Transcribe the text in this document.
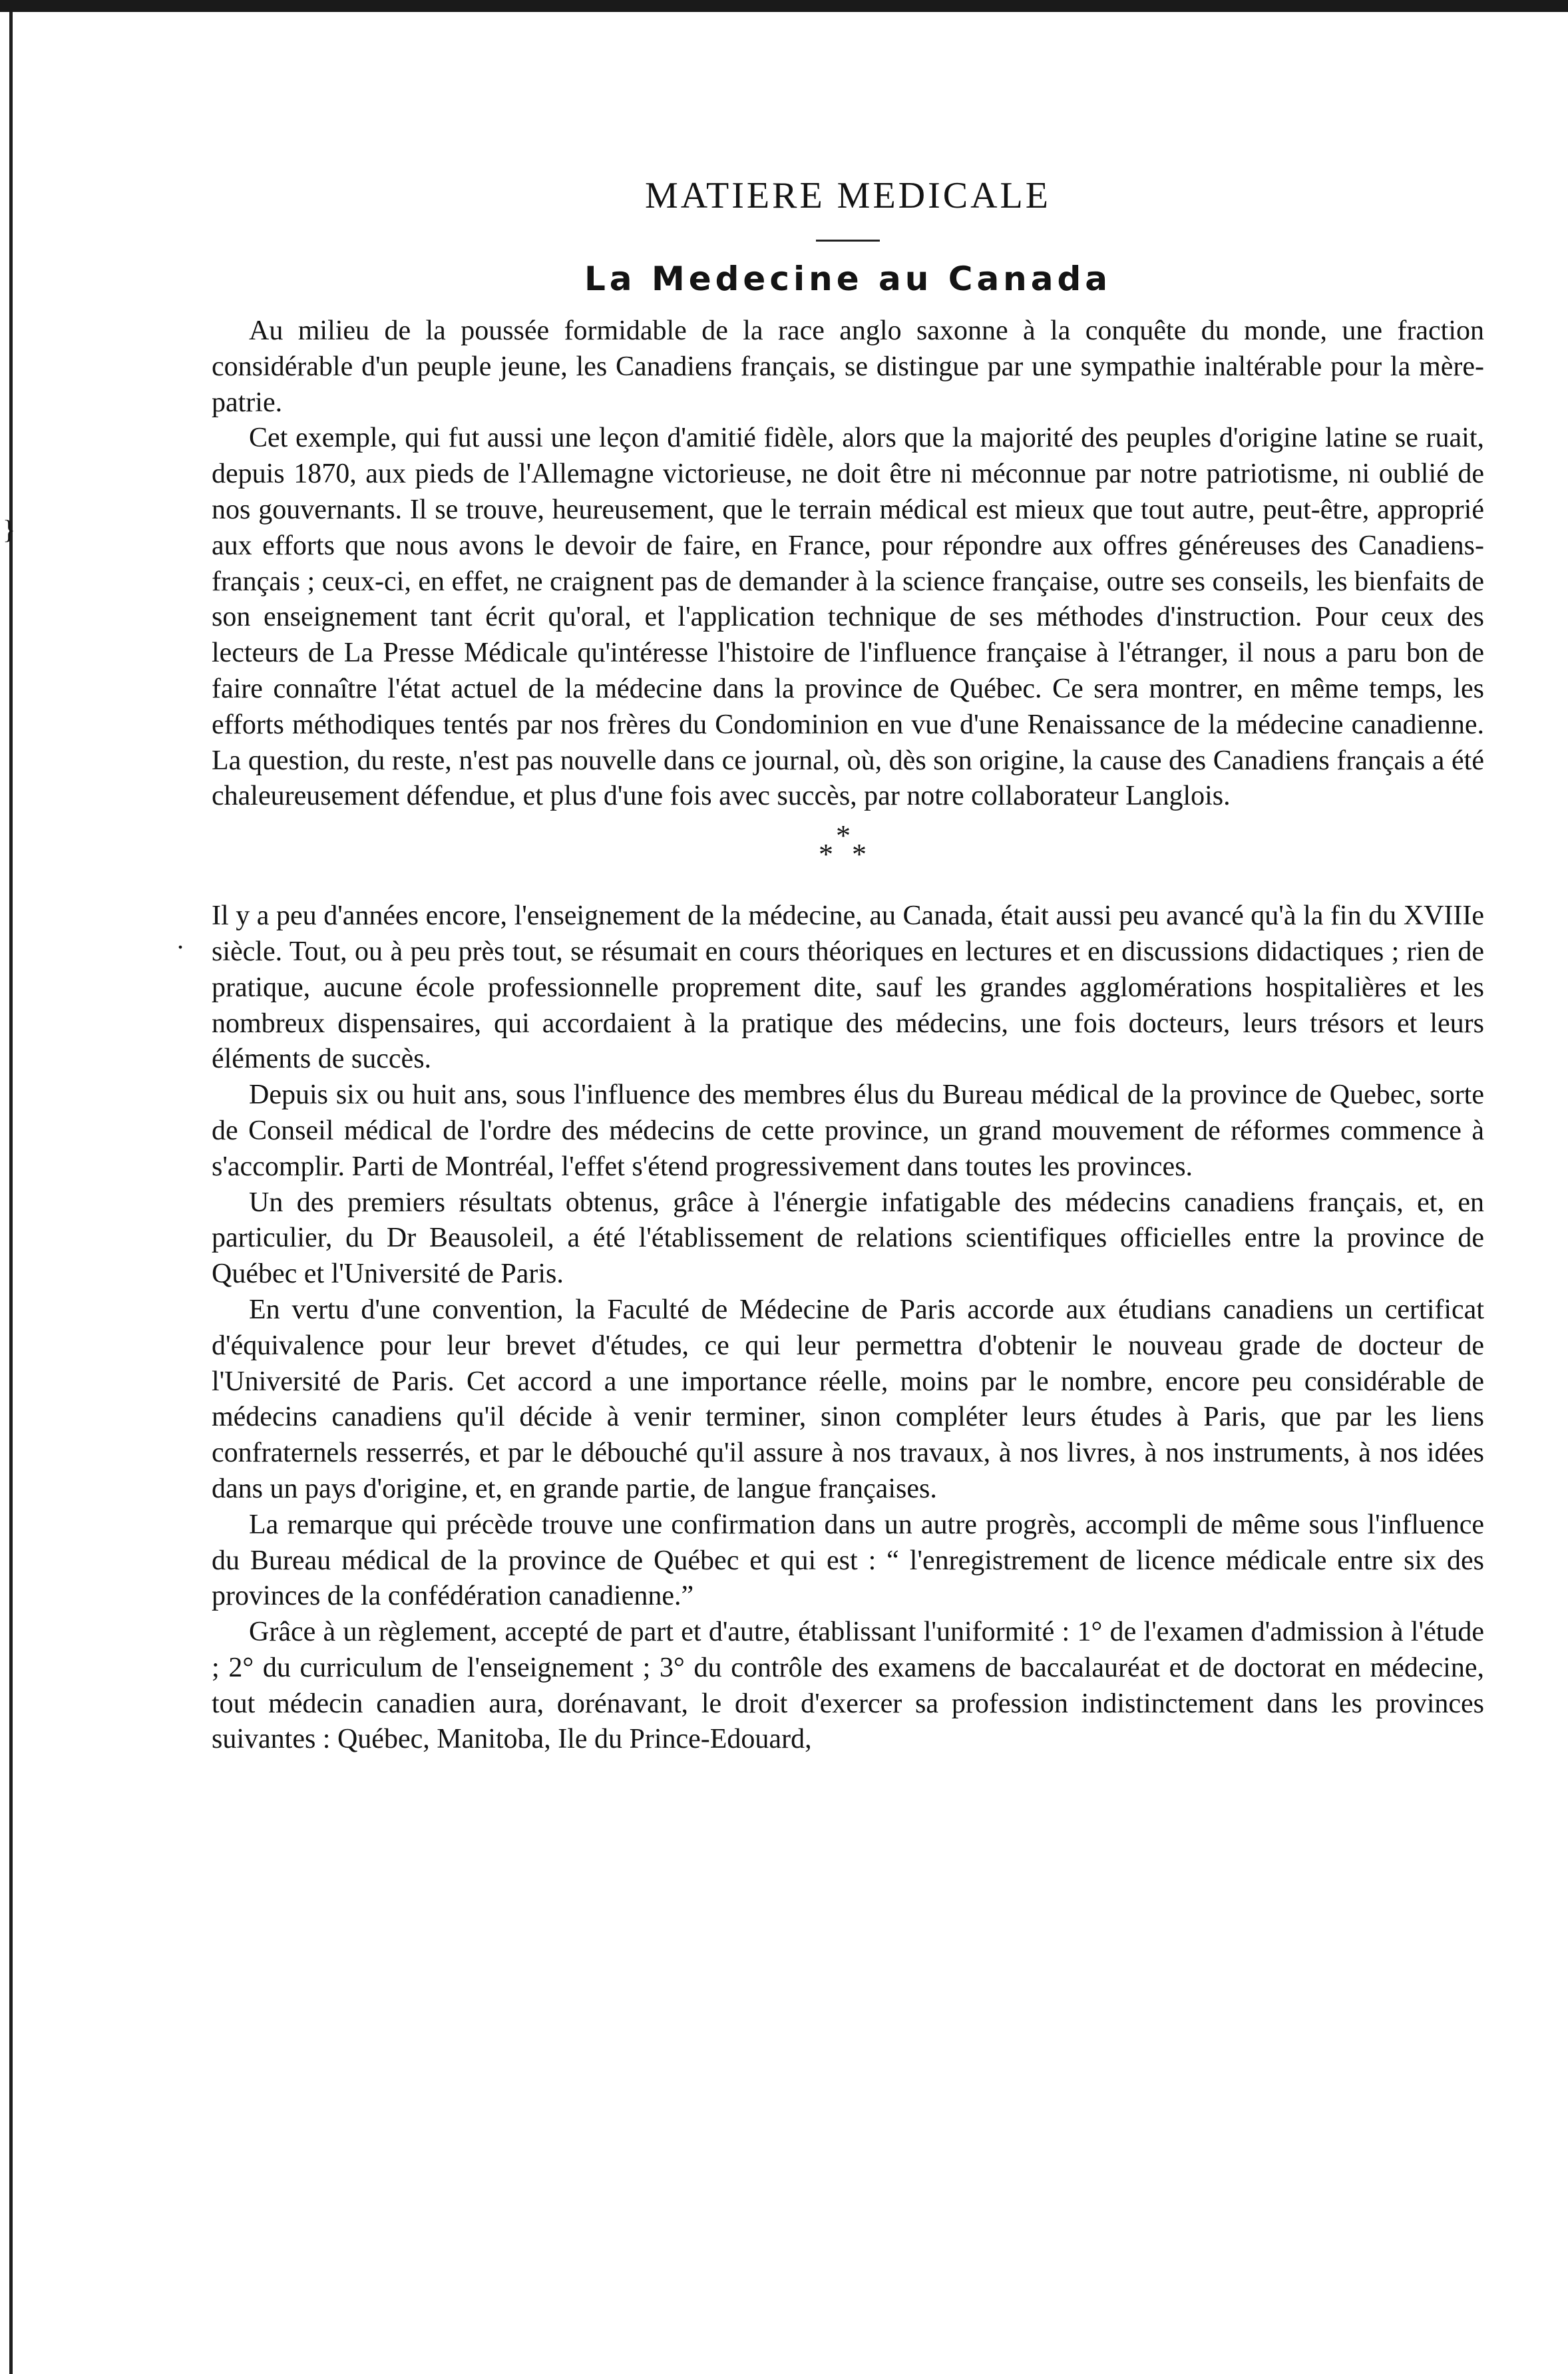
}
.
MATIERE MEDICALE
La Medecine au Canada

Au milieu de la poussée formidable de la race anglo saxonne à la conquête du monde, une fraction considérable d'un peuple jeune, les Canadiens français, se distingue par une sympathie inaltérable pour la mère-patrie.

Cet exemple, qui fut aussi une leçon d'amitié fidèle, alors que la majorité des peuples d'origine latine se ruait, depuis 1870, aux pieds de l'Allemagne victorieuse, ne doit être ni méconnue par notre patriotisme, ni oublié de nos gouvernants. Il se trouve, heureusement, que le terrain médical est mieux que tout autre, peut-être, approprié aux efforts que nous avons le devoir de faire, en France, pour répondre aux offres généreuses des Canadiens-français ; ceux-ci, en effet, ne craignent pas de demander à la science française, outre ses conseils, les bienfaits de son enseignement tant écrit qu'oral, et l'application technique de ses méthodes d'instruction. Pour ceux des lecteurs de La Presse Médicale qu'intéresse l'histoire de l'influence française à l'étranger, il nous a paru bon de faire connaître l'état actuel de la médecine dans la province de Québec. Ce sera montrer, en même temps, les efforts méthodiques tentés par nos frères du Condominion en vue d'une Renaissance de la médecine canadienne. La question, du reste, n'est pas nouvelle dans ce journal, où, dès son origine, la cause des Canadiens français a été chaleureusement défendue, et plus d'une fois avec succès, par notre collaborateur Langlois.

*
* *

Il y a peu d'années encore, l'enseignement de la médecine, au Canada, était aussi peu avancé qu'à la fin du XVIIIe siècle. Tout, ou à peu près tout, se résumait en cours théoriques en lectures et en discussions didactiques ; rien de pratique, aucune école professionnelle proprement dite, sauf les grandes agglomérations hospitalières et les nombreux dispensaires, qui accordaient à la pratique des médecins, une fois docteurs, leurs trésors et leurs éléments de succès.

Depuis six ou huit ans, sous l'influence des membres élus du Bureau médical de la province de Quebec, sorte de Conseil médical de l'ordre des médecins de cette province, un grand mouvement de réformes commence à s'accomplir. Parti de Montréal, l'effet s'étend progressivement dans toutes les provinces.

Un des premiers résultats obtenus, grâce à l'énergie infatigable des médecins canadiens français, et, en particulier, du Dr Beausoleil, a été l'établissement de relations scientifiques officielles entre la province de Québec et l'Université de Paris.

En vertu d'une convention, la Faculté de Médecine de Paris accorde aux étudians canadiens un certificat d'équivalence pour leur brevet d'études, ce qui leur permettra d'obtenir le nouveau grade de docteur de l'Université de Paris. Cet accord a une importance réelle, moins par le nombre, encore peu considérable de médecins canadiens qu'il décide à venir terminer, sinon compléter leurs études à Paris, que par les liens confraternels resserrés, et par le débouché qu'il assure à nos travaux, à nos livres, à nos instruments, à nos idées dans un pays d'origine, et, en grande partie, de langue françaises.

La remarque qui précède trouve une confirmation dans un autre progrès, accompli de même sous l'influence du Bureau médical de la province de Québec et qui est : “ l'enregistrement de licence médicale entre six des provinces de la confédération canadienne.”

Grâce à un règlement, accepté de part et d'autre, établissant l'uniformité : 1° de l'examen d'admission à l'étude ; 2° du curriculum de l'enseignement ; 3° du contrôle des examens de baccalauréat et de doctorat en médecine, tout médecin canadien aura, dorénavant, le droit d'exercer sa profession indistinctement dans les provinces suivantes : Québec, Manitoba, Ile du Prince-Edouard,
